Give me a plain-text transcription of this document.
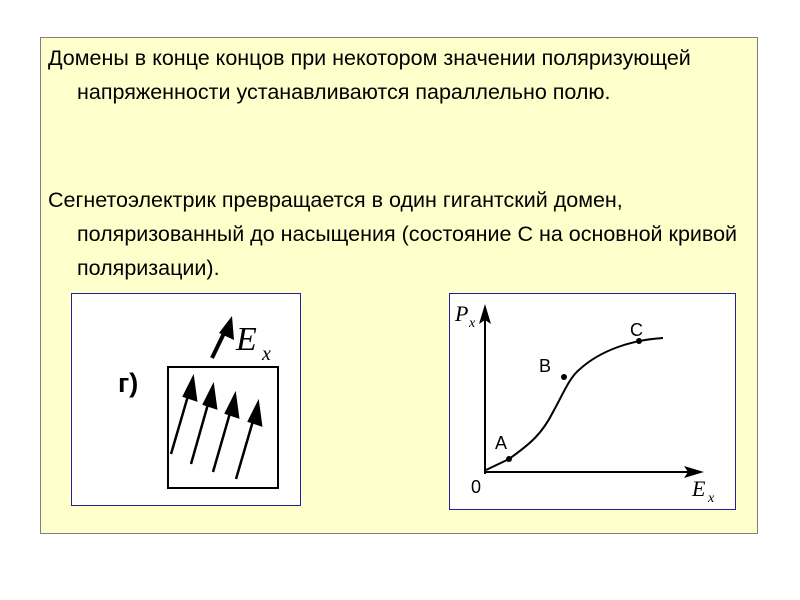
Домены в конце концов при некотором значении поляризующей напряженности устанавливаются параллельно полю.

Сегнетоэлектрик превращается в один гигантский домен, поляризованный до насыщения (состояние С на основной кривой поляризации).

E x
г)
P x
E x
0
A
B
C
